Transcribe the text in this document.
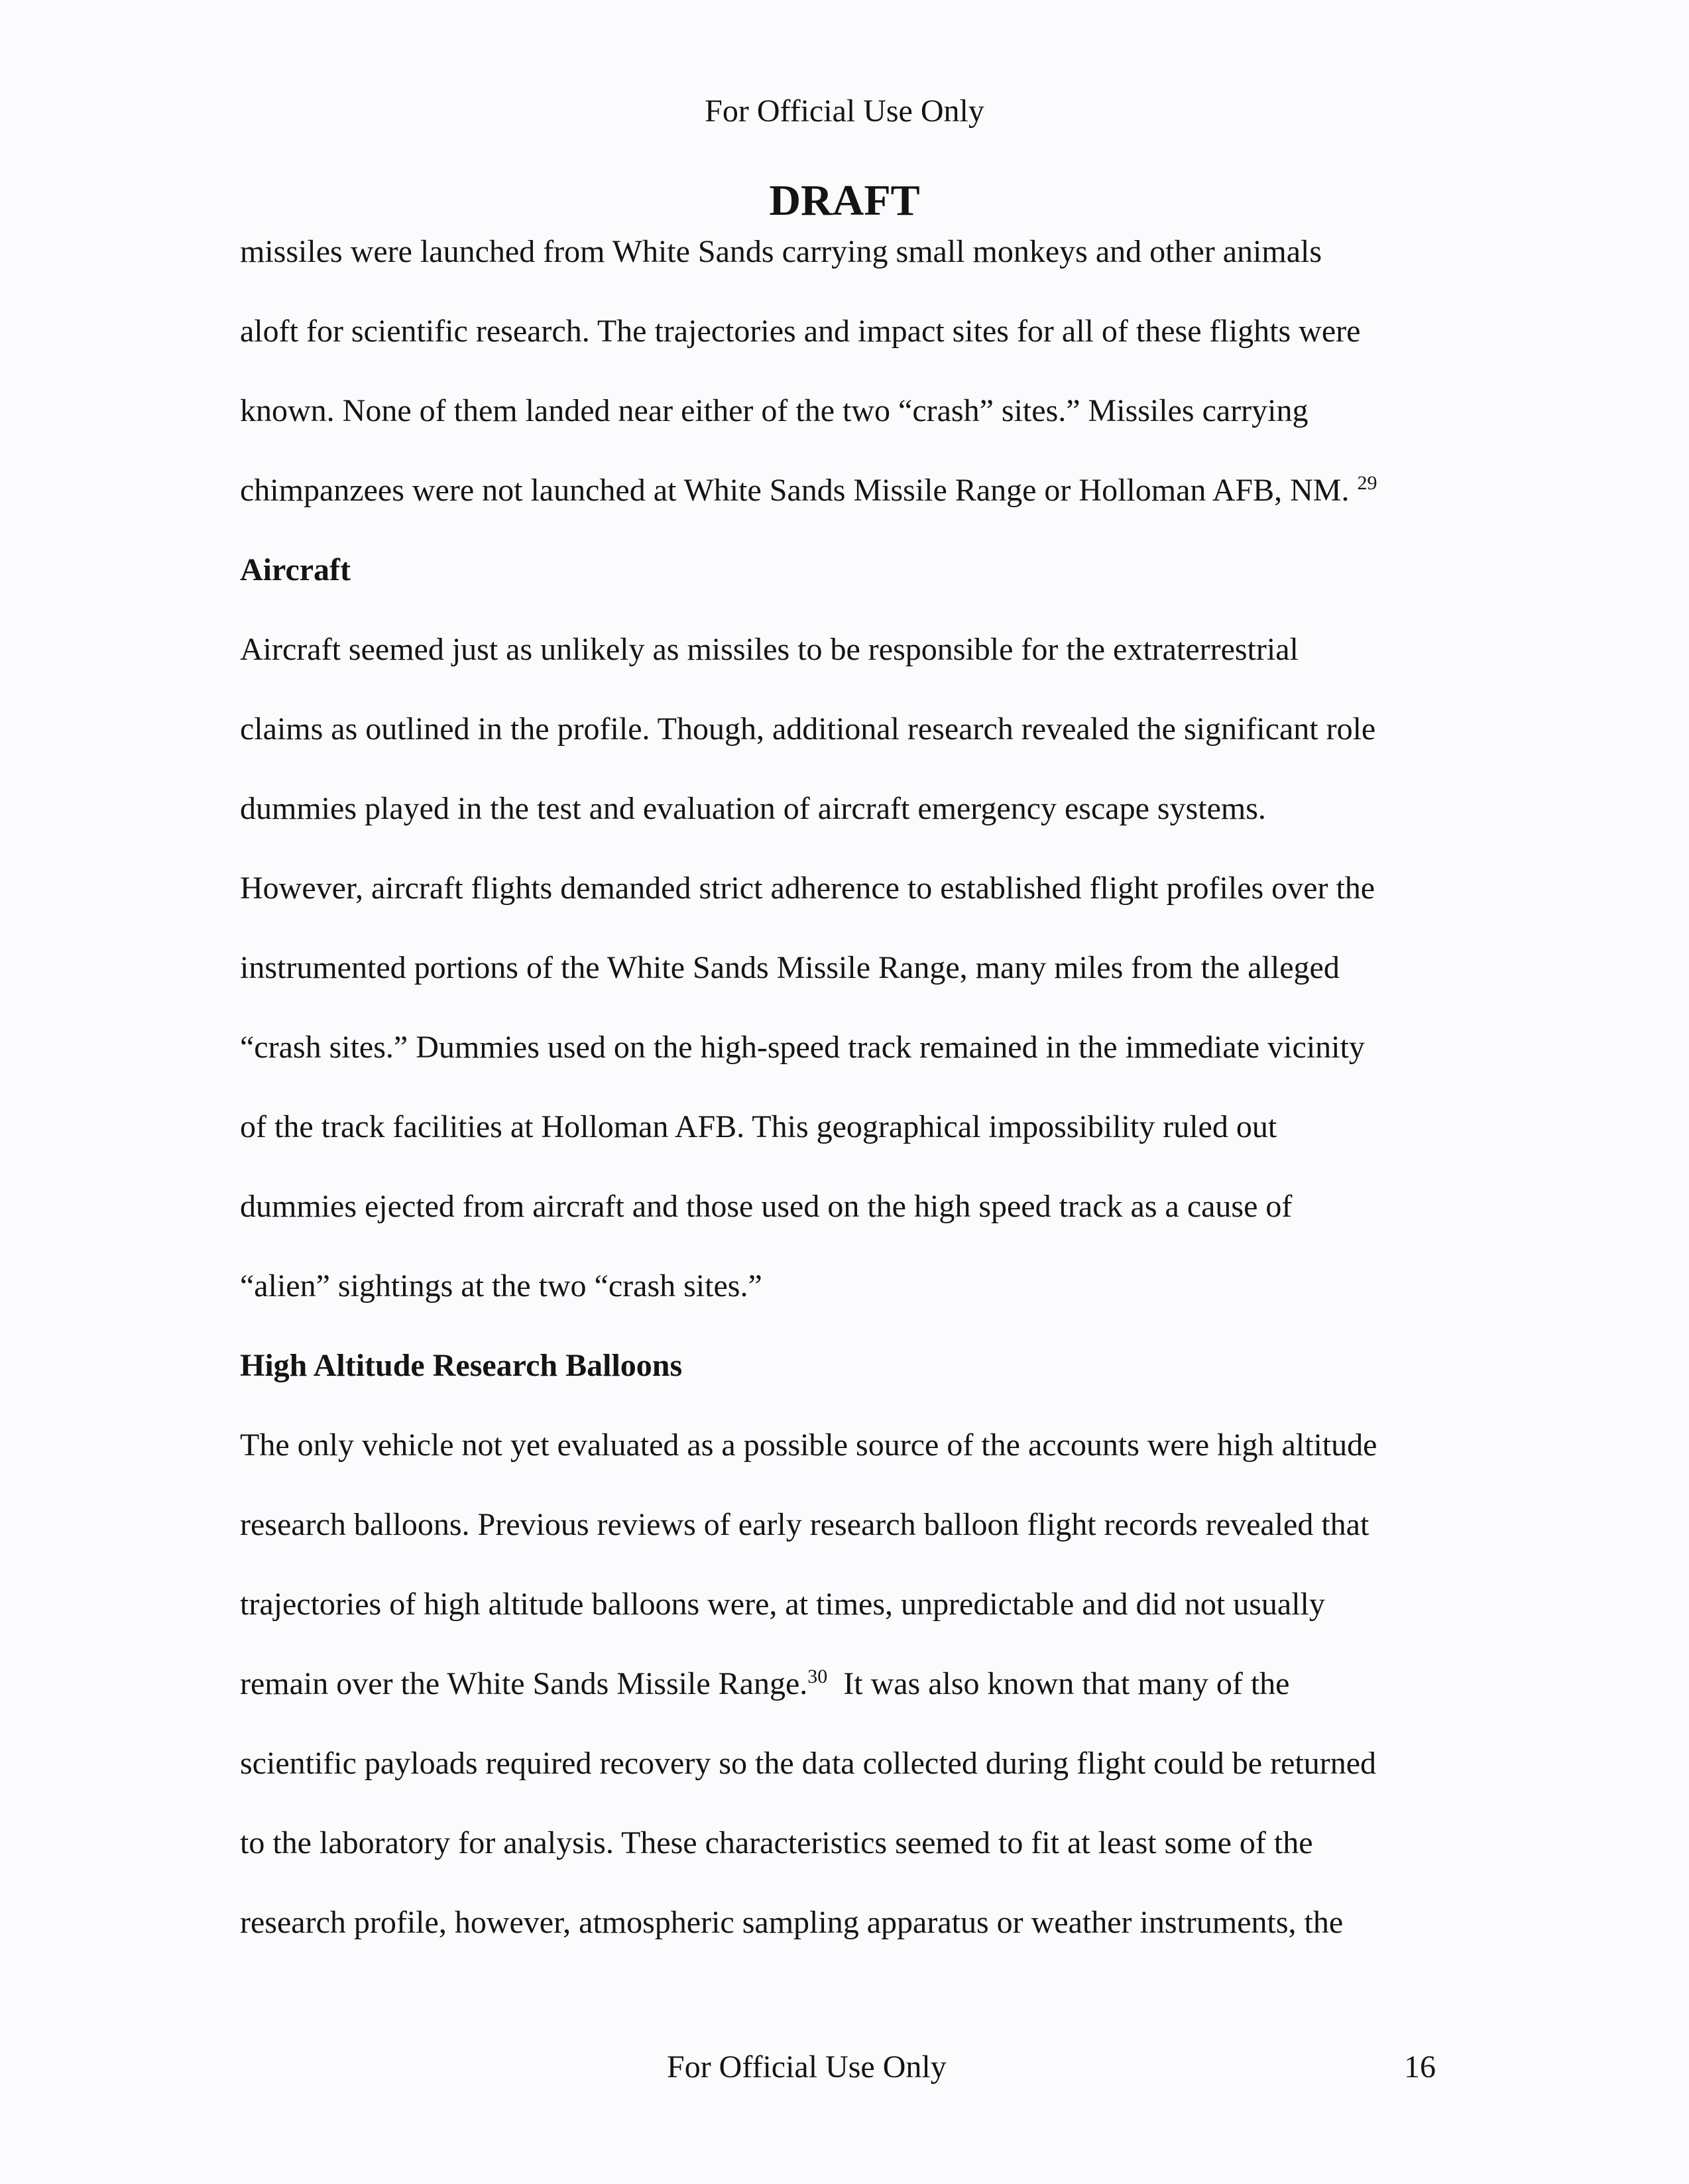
For Official Use Only
DRAFT
missiles were launched from White Sands carrying small monkeys and other animals
aloft for scientific research. The trajectories and impact sites for all of these flights were
known. None of them landed near either of the two “crash” sites.” Missiles carrying
chimpanzees were not launched at White Sands Missile Range or Holloman AFB, NM. $^{29}$
Aircraft
Aircraft seemed just as unlikely as missiles to be responsible for the extraterrestrial
claims as outlined in the profile. Though, additional research revealed the significant role
dummies played in the test and evaluation of aircraft emergency escape systems.
However, aircraft flights demanded strict adherence to established flight profiles over the
instrumented portions of the White Sands Missile Range, many miles from the alleged
“crash sites.” Dummies used on the high-speed track remained in the immediate vicinity
of the track facilities at Holloman AFB. This geographical impossibility ruled out
dummies ejected from aircraft and those used on the high speed track as a cause of
“alien” sightings at the two “crash sites.”
High Altitude Research Balloons
The only vehicle not yet evaluated as a possible source of the accounts were high altitude
research balloons. Previous reviews of early research balloon flight records revealed that
trajectories of high altitude balloons were, at times, unpredictable and did not usually
remain over the White Sands Missile Range.$^{30}$ It was also known that many of the
scientific payloads required recovery so the data collected during flight could be returned
to the laboratory for analysis. These characteristics seemed to fit at least some of the
research profile, however, atmospheric sampling apparatus or weather instruments, the
For Official Use Only	16
